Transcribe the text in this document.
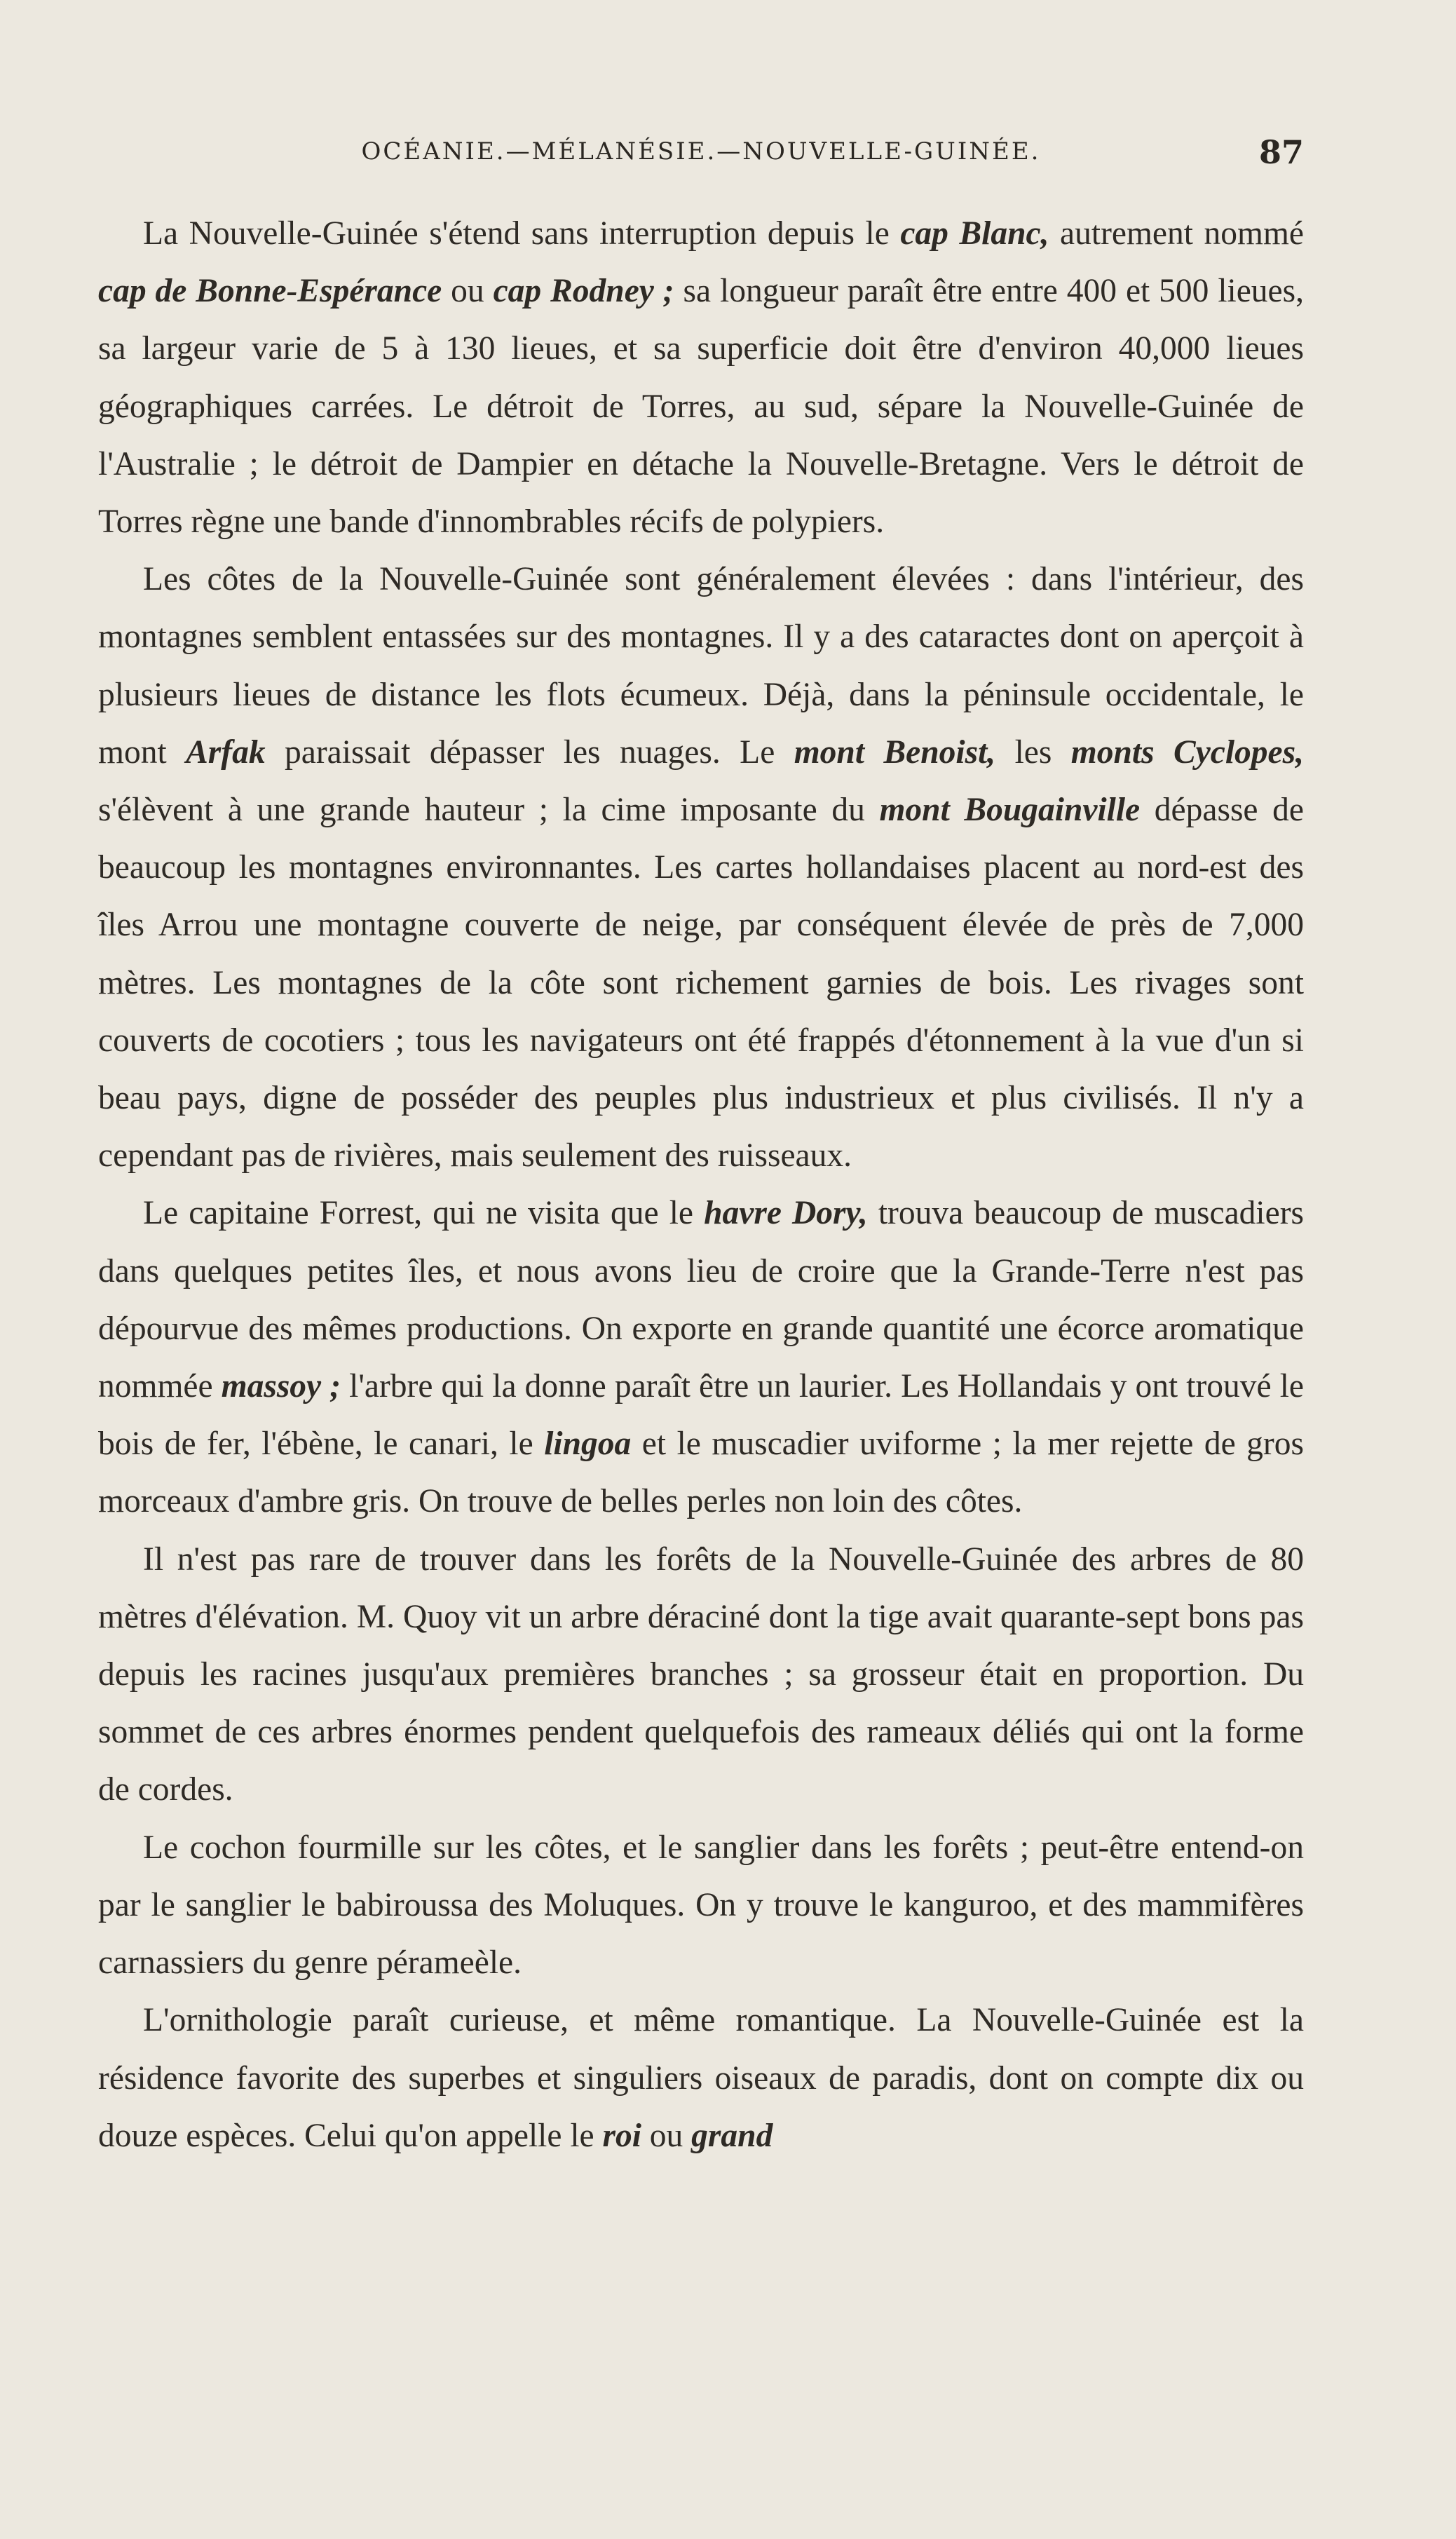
OCÉANIE.—MÉLANÉSIE.—NOUVELLE-GUINÉE.	87

La Nouvelle-Guinée s'étend sans interruption depuis le cap Blanc, autrement nommé cap de Bonne-Espérance ou cap Rodney ; sa longueur paraît être entre 400 et 500 lieues, sa largeur varie de 5 à 130 lieues, et sa superficie doit être d'environ 40,000 lieues géographiques carrées. Le détroit de Torres, au sud, sépare la Nouvelle-Guinée de l'Australie ; le détroit de Dampier en détache la Nouvelle-Bretagne. Vers le détroit de Torres règne une bande d'innombrables récifs de polypiers.

Les côtes de la Nouvelle-Guinée sont généralement élevées : dans l'intérieur, des montagnes semblent entassées sur des montagnes. Il y a des cataractes dont on aperçoit à plusieurs lieues de distance les flots écumeux. Déjà, dans la péninsule occidentale, le mont Arfak paraissait dépasser les nuages. Le mont Benoist, les monts Cyclopes, s'élèvent à une grande hauteur ; la cime imposante du mont Bougainville dépasse de beaucoup les montagnes environnantes. Les cartes hollandaises placent au nord-est des îles Arrou une montagne couverte de neige, par conséquent élevée de près de 7,000 mètres. Les montagnes de la côte sont richement garnies de bois. Les rivages sont couverts de cocotiers ; tous les navigateurs ont été frappés d'étonnement à la vue d'un si beau pays, digne de posséder des peuples plus industrieux et plus civilisés. Il n'y a cependant pas de rivières, mais seulement des ruisseaux.

Le capitaine Forrest, qui ne visita que le havre Dory, trouva beaucoup de muscadiers dans quelques petites îles, et nous avons lieu de croire que la Grande-Terre n'est pas dépourvue des mêmes productions. On exporte en grande quantité une écorce aromatique nommée massoy ; l'arbre qui la donne paraît être un laurier. Les Hollandais y ont trouvé le bois de fer, l'ébène, le canari, le lingoa et le muscadier uviforme ; la mer rejette de gros morceaux d'ambre gris. On trouve de belles perles non loin des côtes.

Il n'est pas rare de trouver dans les forêts de la Nouvelle-Guinée des arbres de 80 mètres d'élévation. M. Quoy vit un arbre déraciné dont la tige avait quarante-sept bons pas depuis les racines jusqu'aux premières branches ; sa grosseur était en proportion. Du sommet de ces arbres énormes pendent quelquefois des rameaux déliés qui ont la forme de cordes.

Le cochon fourmille sur les côtes, et le sanglier dans les forêts ; peut-être entend-on par le sanglier le babiroussa des Moluques. On y trouve le kanguroo, et des mammifères carnassiers du genre pérameèle.

L'ornithologie paraît curieuse, et même romantique. La Nouvelle-Guinée est la résidence favorite des superbes et singuliers oiseaux de paradis, dont on compte dix ou douze espèces. Celui qu'on appelle le roi ou grand
